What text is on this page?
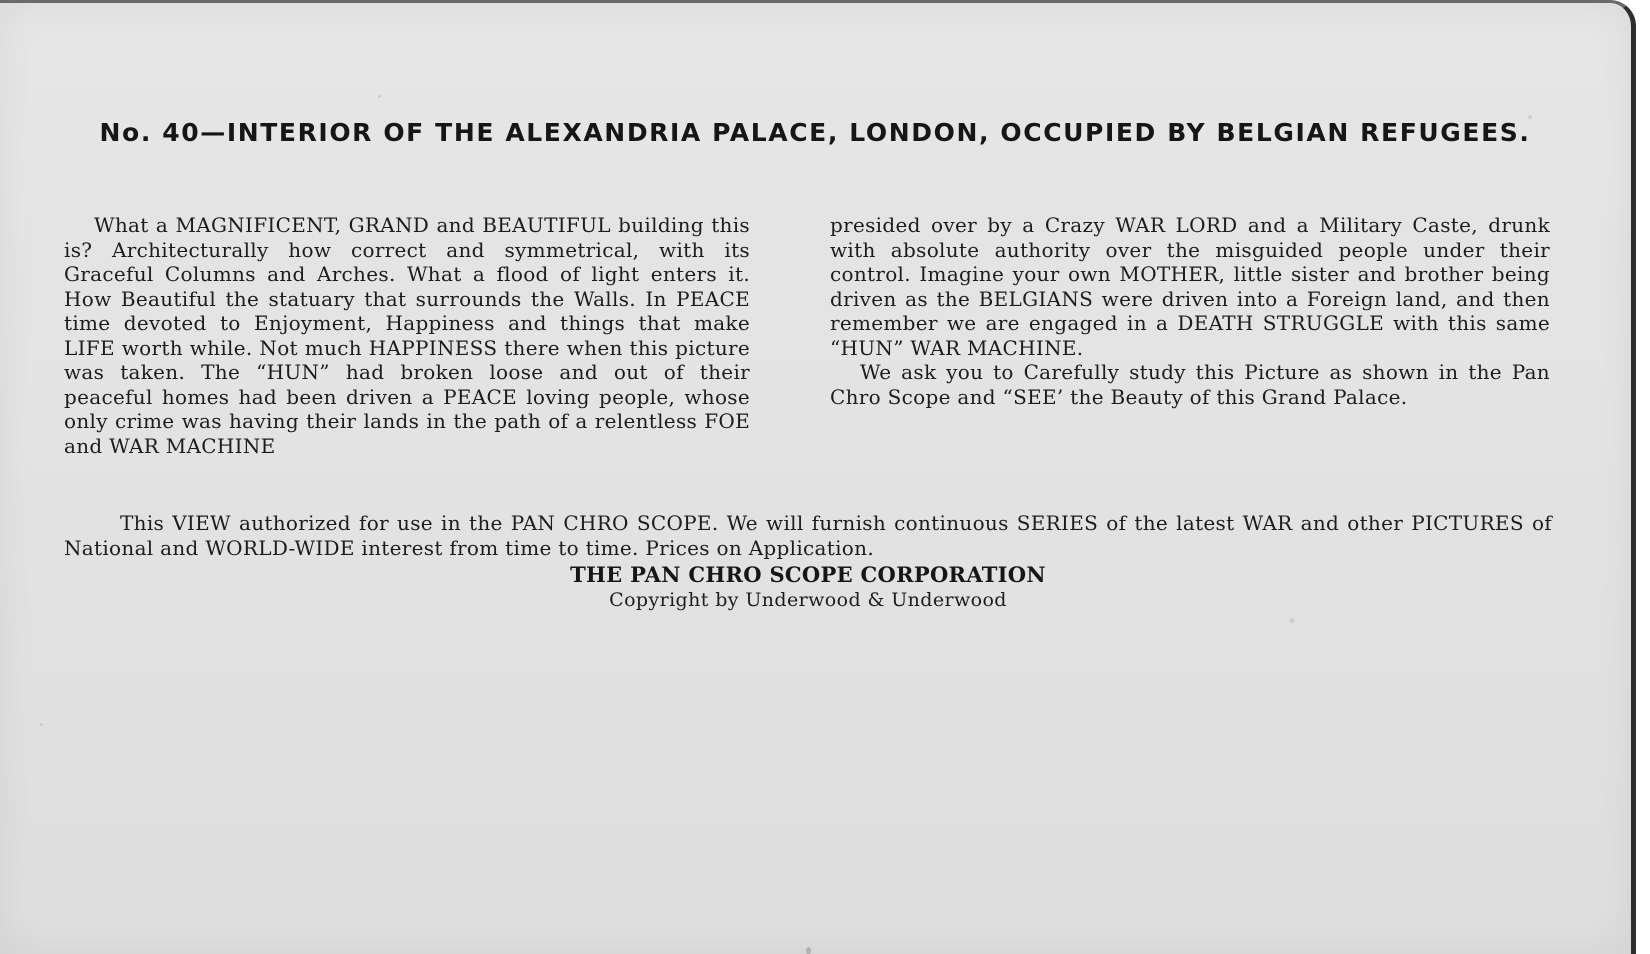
No. 40—INTERIOR OF THE ALEXANDRIA PALACE, LONDON, OCCUPIED BY BELGIAN REFUGEES.

What a MAGNIFICENT, GRAND and BEAUTIFUL building this is? Architecturally how correct and symmetrical, with its Graceful Columns and Arches. What a flood of light enters it. How Beautiful the statuary that surrounds the Walls. In PEACE time devoted to Enjoyment, Happiness and things that make LIFE worth while. Not much HAPPINESS there when this picture was taken. The “HUN” had broken loose and out of their peaceful homes had been driven a PEACE loving people, whose only crime was having their lands in the path of a relentless FOE and WAR MACHINE

presided over by a Crazy WAR LORD and a Military Caste, drunk with absolute authority over the misguided people under their control. Imagine your own MOTHER, little sister and brother being driven as the BELGIANS were driven into a Foreign land, and then remember we are engaged in a DEATH STRUGGLE with this same “HUN” WAR MACHINE.

We ask you to Carefully study this Picture as shown in the Pan Chro Scope and “SEE’ the Beauty of this Grand Palace.

This VIEW authorized for use in the PAN CHRO SCOPE. We will furnish continuous SERIES of the latest WAR and other PICTURES of National and WORLD-WIDE interest from time to time. Prices on Application.
THE PAN CHRO SCOPE CORPORATION
Copyright by Underwood & Underwood
